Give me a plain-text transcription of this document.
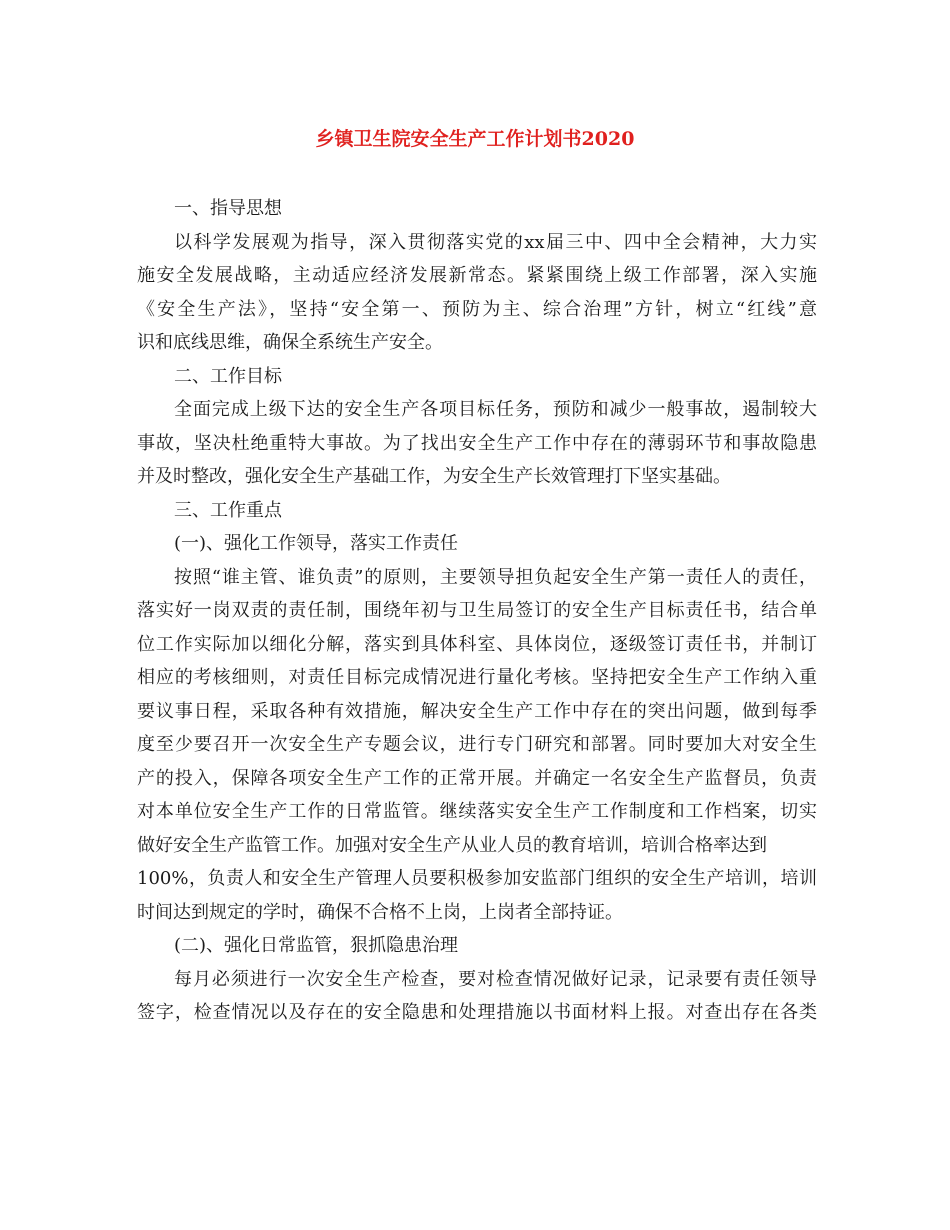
乡镇卫生院安全生产工作计划书2020
一、指导思想
以科学发展观为指导，深入贯彻落实党的xx届三中、四中全会精神，大力实
施安全发展战略，主动适应经济发展新常态。紧紧围绕上级工作部署，深入实施
《安全生产法》，坚持“安全第一、预防为主、综合治理”方针，树立“红线”意
识和底线思维，确保全系统生产安全。
二、工作目标
全面完成上级下达的安全生产各项目标任务，预防和减少一般事故，遏制较大
事故，坚决杜绝重特大事故。为了找出安全生产工作中存在的薄弱环节和事故隐患
并及时整改，强化安全生产基础工作，为安全生产长效管理打下坚实基础。
三、工作重点
(一)、强化工作领导，落实工作责任
按照“谁主管、谁负责”的原则，主要领导担负起安全生产第一责任人的责任，
落实好一岗双责的责任制，围绕年初与卫生局签订的安全生产目标责任书，结合单
位工作实际加以细化分解，落实到具体科室、具体岗位，逐级签订责任书，并制订
相应的考核细则，对责任目标完成情况进行量化考核。坚持把安全生产工作纳入重
要议事日程，采取各种有效措施，解决安全生产工作中存在的突出问题，做到每季
度至少要召开一次安全生产专题会议，进行专门研究和部署。同时要加大对安全生
产的投入，保障各项安全生产工作的正常开展。并确定一名安全生产监督员，负责
对本单位安全生产工作的日常监管。继续落实安全生产工作制度和工作档案，切实
做好安全生产监管工作。加强对安全生产从业人员的教育培训，培训合格率达到
100%，负责人和安全生产管理人员要积极参加安监部门组织的安全生产培训，培训
时间达到规定的学时，确保不合格不上岗，上岗者全部持证。
(二)、强化日常监管，狠抓隐患治理
每月必须进行一次安全生产检查，要对检查情况做好记录，记录要有责任领导
签字，检查情况以及存在的安全隐患和处理措施以书面材料上报。对查出存在各类
